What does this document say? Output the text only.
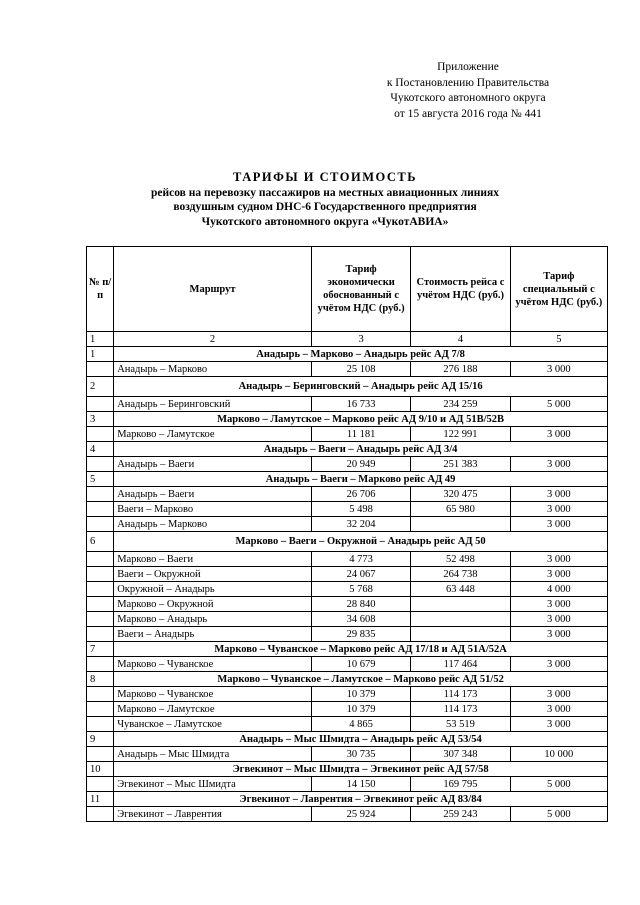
Приложение
к Постановлению Правительства
Чукотского автономного округа
от 15 августа 2016 года № 441
ТАРИФЫ И СТОИМОСТЬ
рейсов на перевозку пассажиров на местных авиационных линиях
воздушным судном DHC-6 Государственного предприятия
Чукотского автономного округа «ЧукотАВИА»
№ п/п	Маршрут	Тариф экономически обоснованный с учётом НДС (руб.)	Стоимость рейса с учётом НДС (руб.)	Тариф специальный с учётом НДС (руб.)
1	2	3	4	5
1	Анадырь – Марково – Анадырь рейс АД 7/8			
	Анадырь – Марково	25 108	276 188	3 000
2	Анадырь – Беринговский – Анадырь рейс АД 15/16			
	Анадырь – Беринговский	16 733	234 259	5 000
3	Марково – Ламутское – Марково рейс АД 9/10 и АД 51В/52В			
	Марково – Ламутское	11 181	122 991	3 000
4	Анадырь – Ваеги – Анадырь рейс АД 3/4			
	Анадырь – Ваеги	20 949	251 383	3 000
5	Анадырь – Ваеги – Марково рейс АД 49			
	Анадырь – Ваеги	26 706	320 475	3 000
	Ваеги – Марково	5 498	65 980	3 000
	Анадырь – Марково	32 204		3 000
6	Марково – Ваеги – Окружной – Анадырь рейс АД 50			
	Марково – Ваеги	4 773	52 498	3 000
	Ваеги – Окружной	24 067	264 738	3 000
	Окружной – Анадырь	5 768	63 448	4 000
	Марково – Окружной	28 840		3 000
	Марково – Анадырь	34 608		3 000
	Ваеги – Анадырь	29 835		3 000
7	Марково – Чуванское – Марково рейс АД 17/18 и АД 51А/52А			
	Марково – Чуванское	10 679	117 464	3 000
8	Марково – Чуванское – Ламутское – Марково рейс АД 51/52			
	Марково – Чуванское	10 379	114 173	3 000
	Марково – Ламутское	10 379	114 173	3 000
	Чуванское – Ламутское	4 865	53 519	3 000
9	Анадырь – Мыс Шмидта – Анадырь рейс АД 53/54			
	Анадырь – Мыс Шмидта	30 735	307 348	10 000
10	Эгвекинот – Мыс Шмидта – Эгвекинот рейс АД 57/58			
	Эгвекинот – Мыс Шмидта	14 150	169 795	5 000
11	Эгвекинот – Лаврентия – Эгвекинот рейс АД 83/84			
	Эгвекинот – Лаврентия	25 924	259 243	5 000
